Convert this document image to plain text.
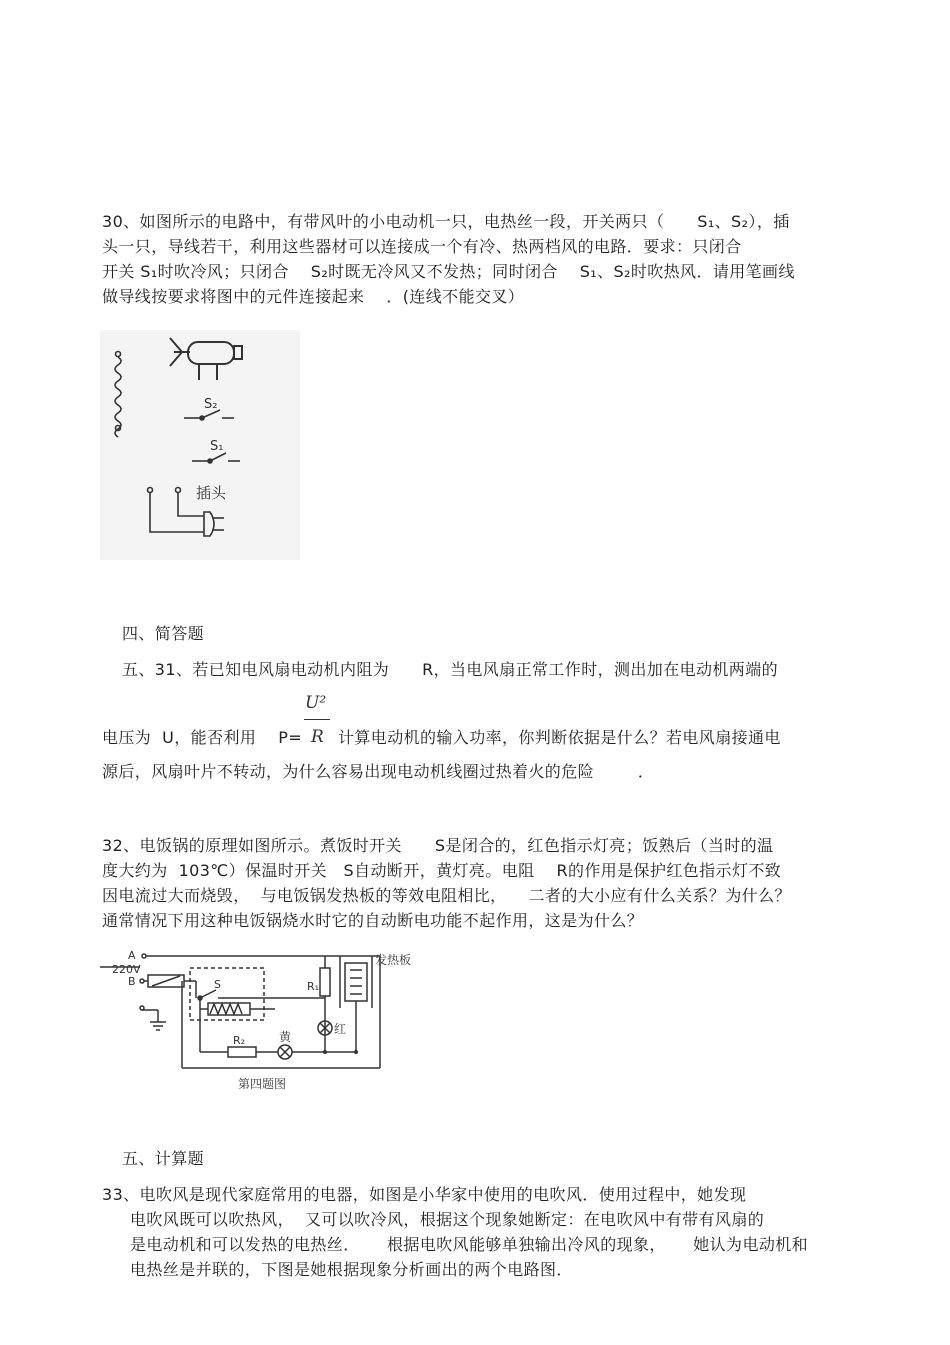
30、如图所示的电路中，有带风叶的小电动机一只，电热丝一段，开关两只（      S₁、S₂），插
头一只，导线若干，利用这些器材可以连接成一个有冷、热两档风的电路．要求：只闭合
开关 S₁时吹冷风；只闭合    S₂时既无冷风又不发热；同时闭合    S₁、S₂时吹热风．请用笔画线
做导线按要求将图中的元件连接起来    ．(连线不能交叉）
S₂
S₁
插头
四、简答题
五、31、若已知电风扇电动机内阻为      R，当电风扇正常工作时，测出加在电动机两端的
U²
电压为  U，能否利用    P= R 计算电动机的输入功率，你判断依据是什么？若电风扇接通电
源后，风扇叶片不转动，为什么容易出现电动机线圈过热着火的危险        ．
32、电饭锅的原理如图所示。煮饭时开关      S是闭合的，红色指示灯亮；饭熟后（当时的温
度大约为  103℃）保温时开关   S自动断开，黄灯亮。电阻    R的作用是保护红色指示灯不致
因电流过大而烧毁，  与电饭锅发热板的等效电阻相比，    二者的大小应有什么关系？为什么？
通常情况下用这种电饭锅烧水时它的自动断电功能不起作用，这是为什么？
A
220V
B	S	R₁
R₂
红
黄
发热板
第四题图
五、计算题
33、电吹风是现代家庭常用的电器，如图是小华家中使用的电吹风．使用过程中，她发现
电吹风既可以吹热风，  又可以吹冷风，根据这个现象她断定：在电吹风中有带有风扇的
是电动机和可以发热的电热丝．     根据电吹风能够单独输出冷风的现象，     她认为电动机和
电热丝是并联的，下图是她根据现象分析画出的两个电路图．
